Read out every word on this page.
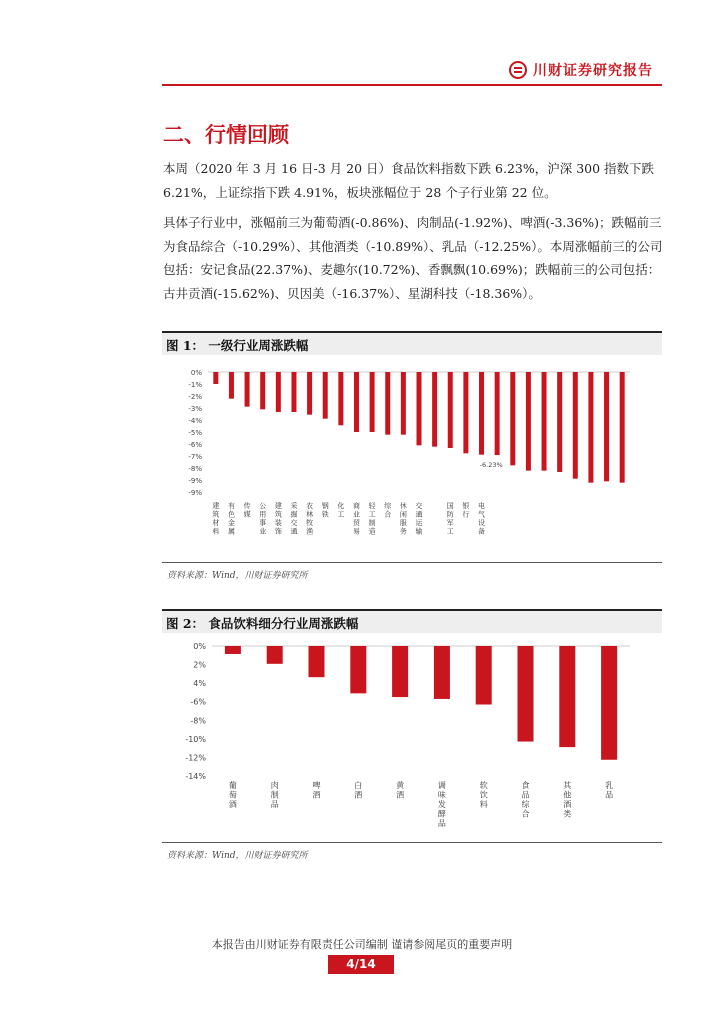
川财证券研究报告
二、行情回顾
本周（2020 年 3 月 16 日-3 月 20 日）食品饮料指数下跌 6.23%，沪深 300 指数下跌 6.21%，上证综指下跌 4.91%，板块涨幅位于 28 个子行业第 22 位。
具体子行业中，涨幅前三为葡萄酒(-0.86%)、肉制品(-1.92%)、啤酒(-3.36%)；跌幅前三为食品综合（-10.29%）、其他酒类（-10.89%）、乳品（-12.25%）。本周涨幅前三的公司包括：安记食品(22.37%)、麦趣尔(10.72%)、香飘飘(10.69%)；跌幅前三的公司包括：古井贡酒(-15.62%)、贝因美（-16.37%）、星湖科技（-18.36%）。
图 1： 一级行业周涨跌幅
0%
-1%
-2%
-3%
-4%
-5%
-6%
-7%
-8%
-9%
-9%
建
筑
材
料
有
色
金
属
传
媒
公
用
事
业
建
筑
装
饰
采
掘
交
通
农
林
牧
渔
钢
铁
化
工
商
业
贸
易
轻
工
制
造
综
合
休
闲
服
务
交
通
运
输
国
防
军
工
银
行
电
气
设
备
-6.23%
资料来源：Wind，川财证券研究所
图 2： 食品饮料细分行业周涨跌幅
0%
2%
4%
-6%
-8%
-10%
-12%
-14%
葡
萄
酒
肉
制
品
啤
酒
白
酒
黄
酒
调
味
发
酵
品
软
饮
料
食
品
综
合
其
他
酒
类
乳
品
资料来源：Wind，川财证券研究所
本报告由川财证券有限责任公司编制 谨请参阅尾页的重要声明
4/14
